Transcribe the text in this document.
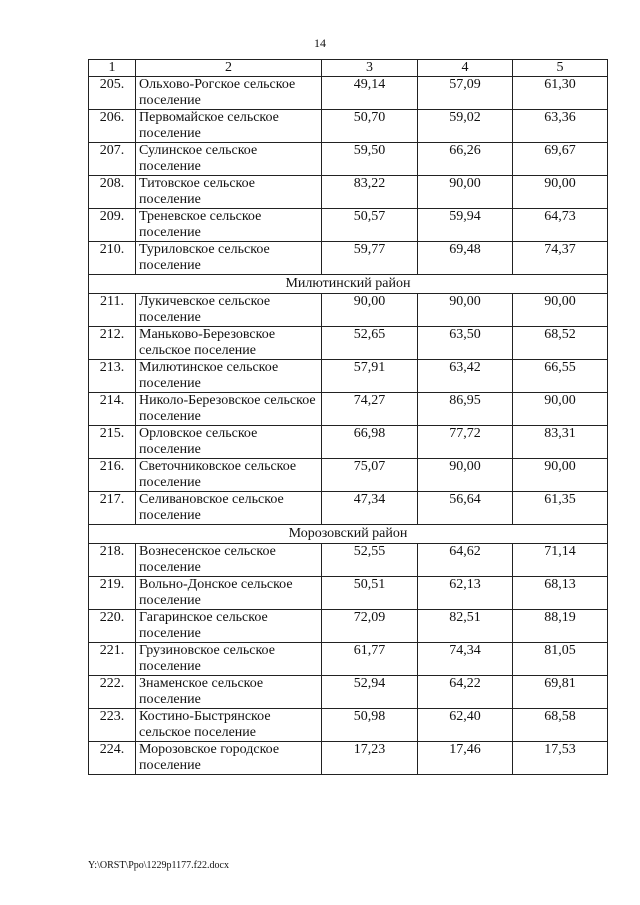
14
1	2	3	4	5
205.	Ольховo-Рогское сельское поселение	49,14	57,09	61,30
206.	Первомайское сельское поселение	50,70	59,02	63,36
207.	Сулинское сельское поселение	59,50	66,26	69,67
208.	Титовское сельское поселение	83,22	90,00	90,00
209.	Треневское сельское поселение	50,57	59,94	64,73
210.	Туриловское сельское поселение	59,77	69,48	74,37
Милютинский район				
211.	Лукичевское сельское поселение	90,00	90,00	90,00
212.	Маньково-Березовское сельское поселение	52,65	63,50	68,52
213.	Милютинское сельское поселение	57,91	63,42	66,55
214.	Николо-Березовское сельское поселение	74,27	86,95	90,00
215.	Орловское сельское поселение	66,98	77,72	83,31
216.	Светочниковское сельское поселение	75,07	90,00	90,00
217.	Селивановское сельское поселение	47,34	56,64	61,35
Морозовский район				
218.	Вознесенское сельское поселение	52,55	64,62	71,14
219.	Вольно-Донское сельское поселение	50,51	62,13	68,13
220.	Гагаринское сельское поселение	72,09	82,51	88,19
221.	Грузиновское сельское поселение	61,77	74,34	81,05
222.	Знаменское сельское поселение	52,94	64,22	69,81
223.	Костино-Быстрянское сельское поселение	50,98	62,40	68,58
224.	Морозовское городское поселение	17,23	17,46	17,53
Y:\ORST\Ppo\1229p1177.f22.docx
